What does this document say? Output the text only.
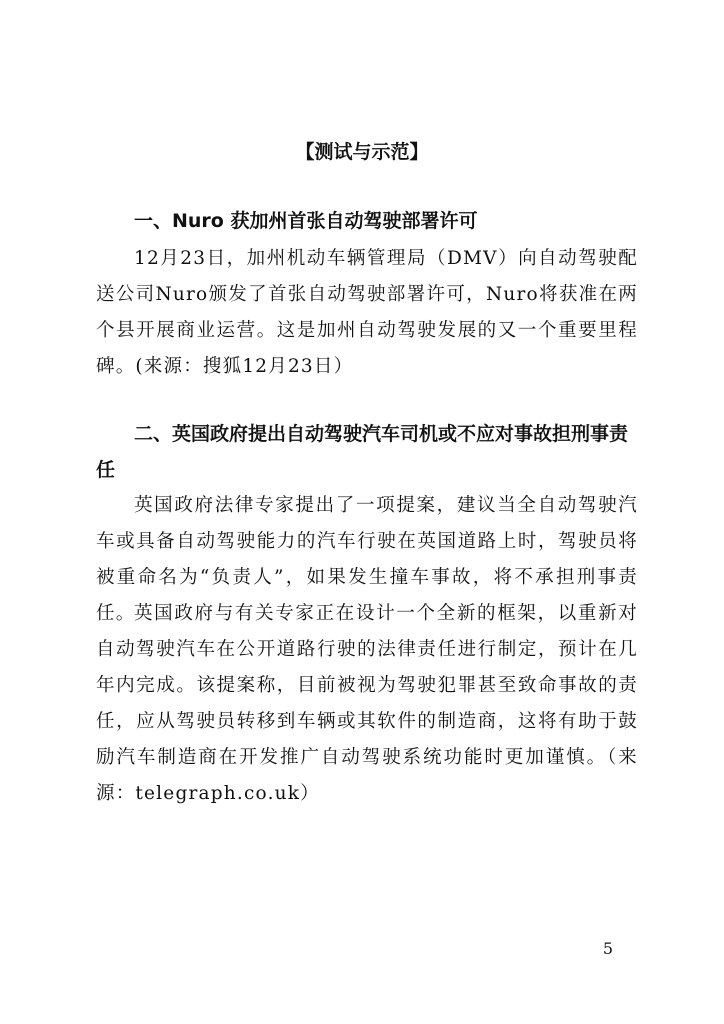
【测试与示范】
一、Nuro 获加州首张自动驾驶部署许可
12月23日，加州机动车辆管理局（DMV）向自动驾驶配送公司Nuro颁发了首张自动驾驶部署许可，Nuro将获准在两个县开展商业运营。这是加州自动驾驶发展的又一个重要里程碑。(来源：搜狐12月23日）
二、英国政府提出自动驾驶汽车司机或不应对事故担刑事责任
英国政府法律专家提出了一项提案，建议当全自动驾驶汽车或具备自动驾驶能力的汽车行驶在英国道路上时，驾驶员将被重命名为“负责人”，如果发生撞车事故，将不承担刑事责任。
英国政府与有关专家正在设计一个全新的框架，以重新对自动驾驶汽车在公开道路行驶的法律责任进行制定，预计在几年内完成。该提案称，目前被视为驾驶犯罪甚至致命事故的责任，应从驾驶员转移到车辆或其软件的制造商，这将有助于鼓励汽车制造商在开发推广自动驾驶系统功能时更加谨慎。（来源：telegraph.co.uk）
5
